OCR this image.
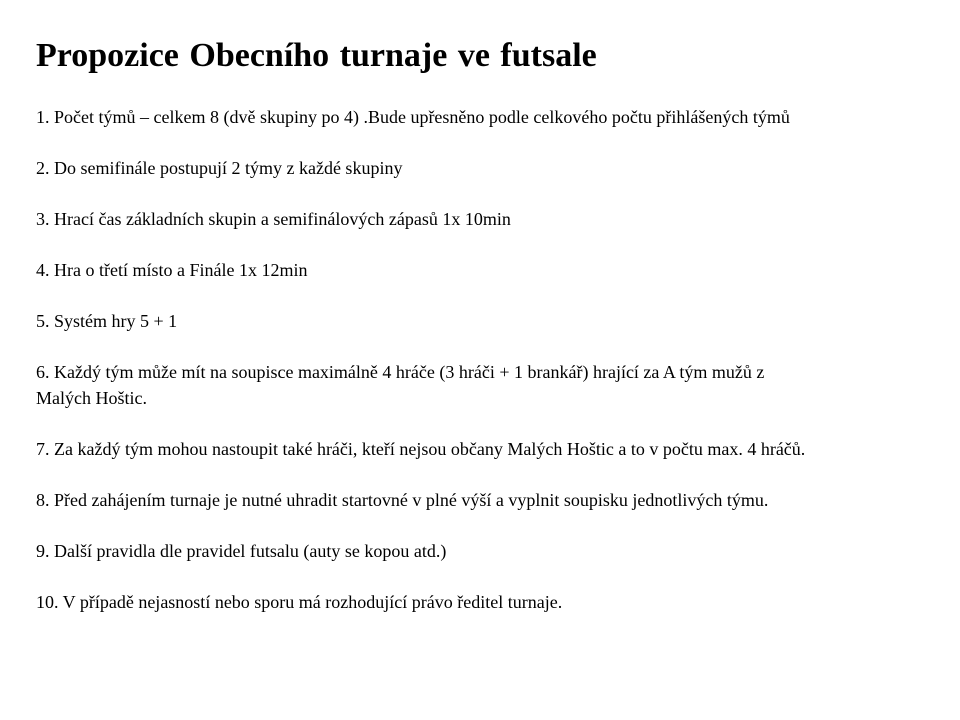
Propozice Obecního turnaje ve futsale
1. Počet týmů – celkem 8 (dvě skupiny po 4) .Bude upřesněno podle celkového počtu přihlášených týmů
2. Do semifinále postupují 2 týmy z každé skupiny
3. Hrací čas základních skupin a semifinálových zápasů 1x 10min
4. Hra o třetí místo a Finále 1x 12min
5. Systém hry 5 + 1
6. Každý tým může mít na soupisce maximálně 4 hráče (3 hráči + 1 brankář) hrající za A tým mužů z
Malých Hoštic.
7. Za každý tým mohou nastoupit také hráči, kteří nejsou občany Malých Hoštic a to v počtu max. 4 hráčů.
8. Před zahájením turnaje je nutné uhradit startovné v plné výší a vyplnit soupisku jednotlivých týmu.
9. Další pravidla dle pravidel futsalu (auty se kopou atd.)
10. V případě nejasností nebo sporu má rozhodující právo ředitel turnaje.
